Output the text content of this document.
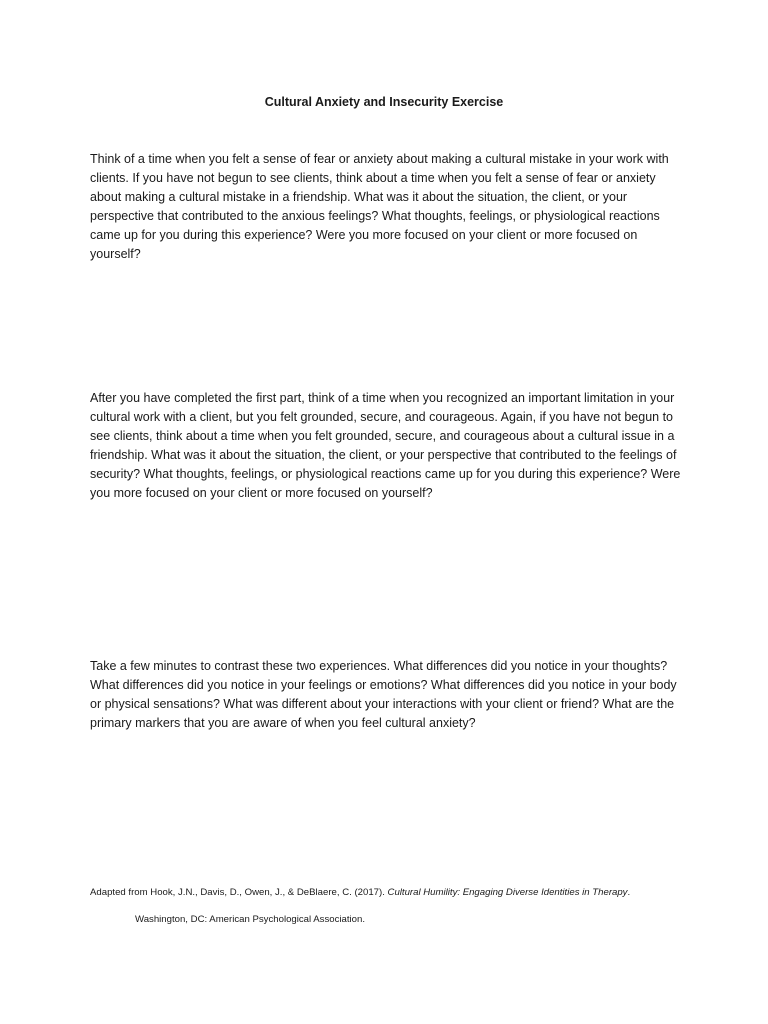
Cultural Anxiety and Insecurity Exercise

Think of a time when you felt a sense of fear or anxiety about making a cultural mistake in your work with clients. If you have not begun to see clients, think about a time when you felt a sense of fear or anxiety about making a cultural mistake in a friendship. What was it about the situation, the client, or your perspective that contributed to the anxious feelings? What thoughts, feelings, or physiological reactions came up for you during this experience? Were you more focused on your client or more focused on yourself?

After you have completed the first part, think of a time when you recognized an important limitation in your cultural work with a client, but you felt grounded, secure, and courageous. Again, if you have not begun to see clients, think about a time when you felt grounded, secure, and courageous about a cultural issue in a friendship. What was it about the situation, the client, or your perspective that contributed to the feelings of security? What thoughts, feelings, or physiological reactions came up for you during this experience? Were you more focused on your client or more focused on yourself?

Take a few minutes to contrast these two experiences. What differences did you notice in your thoughts? What differences did you notice in your feelings or emotions? What differences did you notice in your body or physical sensations? What was different about your interactions with your client or friend? What are the primary markers that you are aware of when you feel cultural anxiety?

Adapted from Hook, J.N., Davis, D., Owen, J., & DeBlaere, C. (2017). Cultural Humility: Engaging Diverse Identities in Therapy.
Washington, DC: American Psychological Association.
